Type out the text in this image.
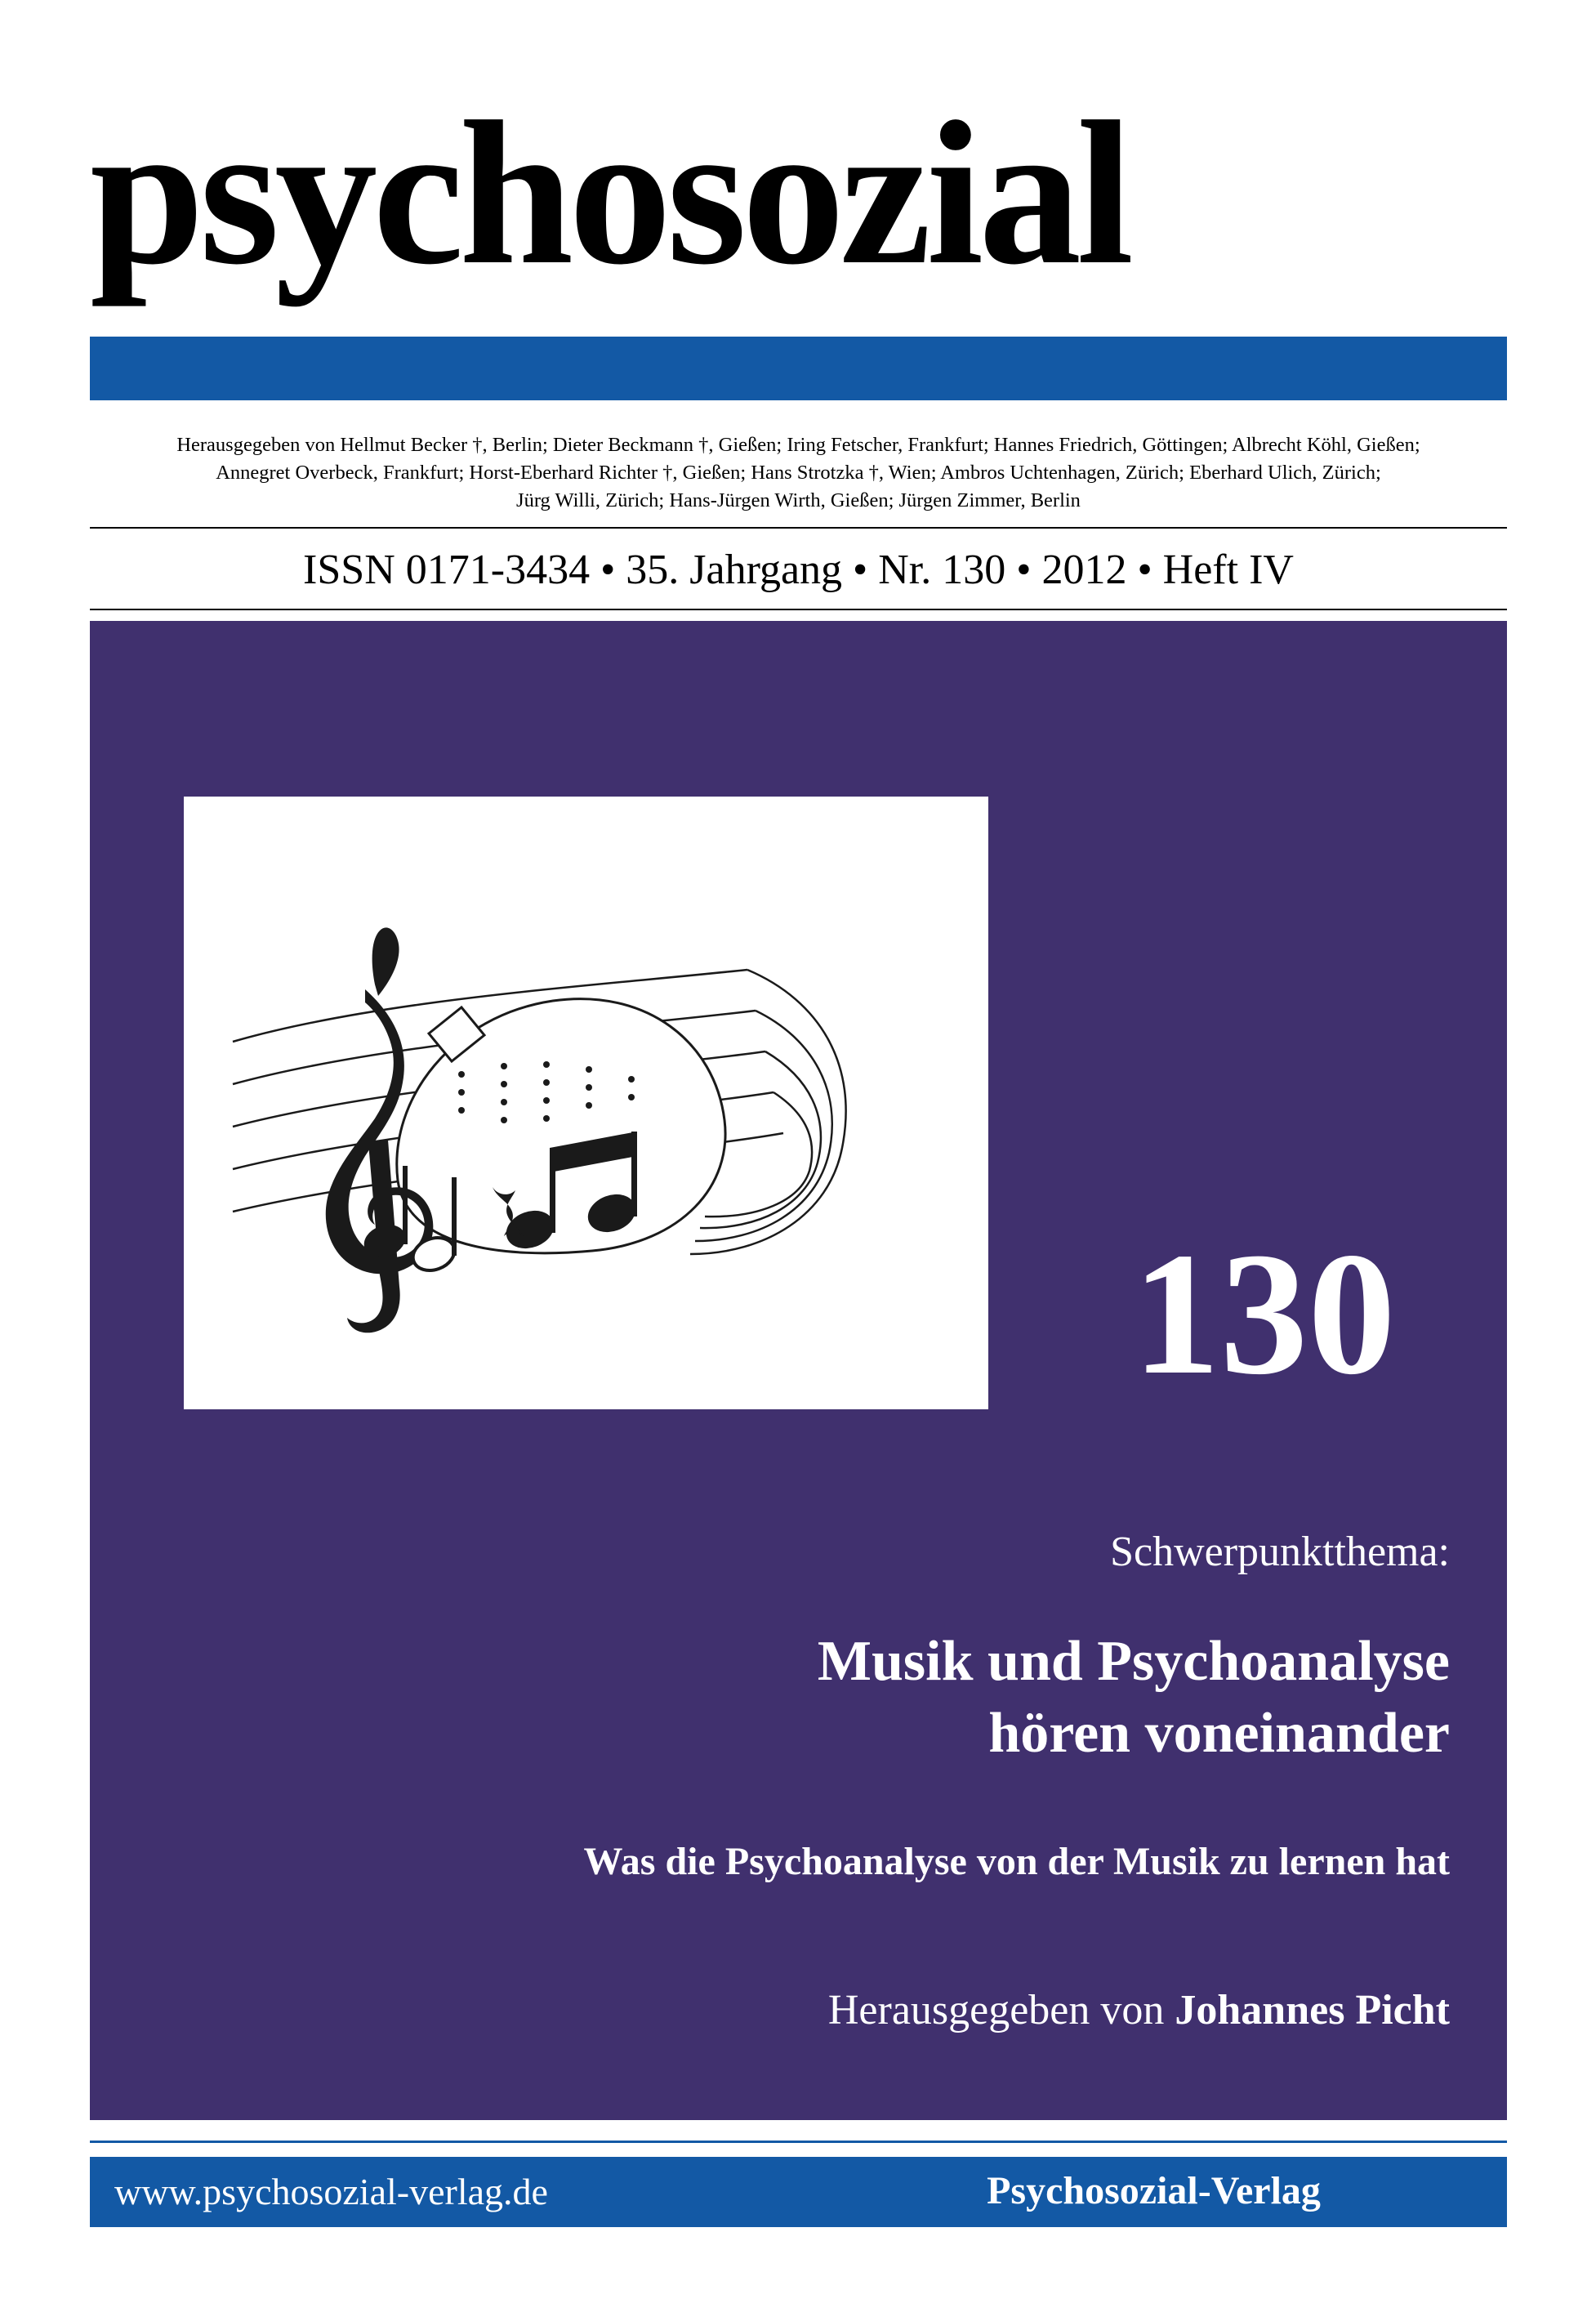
psychosozial
Herausgegeben von Hellmut Becker †, Berlin; Dieter Beckmann †, Gießen; Iring Fetscher, Frankfurt; Hannes Friedrich, Göttingen; Albrecht Köhl, Gießen;
Annegret Overbeck, Frankfurt; Horst-Eberhard Richter †, Gießen; Hans Strotzka †, Wien; Ambros Uchtenhagen, Zürich; Eberhard Ulich, Zürich;
Jürg Willi, Zürich; Hans-Jürgen Wirth, Gießen; Jürgen Zimmer, Berlin
ISSN 0171-3434 • 35. Jahrgang • Nr. 130 • 2012 • Heft IV
130
Schwerpunktthema:
Musik und Psychoanalyse
hören voneinander
Was die Psychoanalyse von der Musik zu lernen hat
Herausgegeben von Johannes Picht
www.psychosozial-verlag.de	Psychosozial-Verlag
